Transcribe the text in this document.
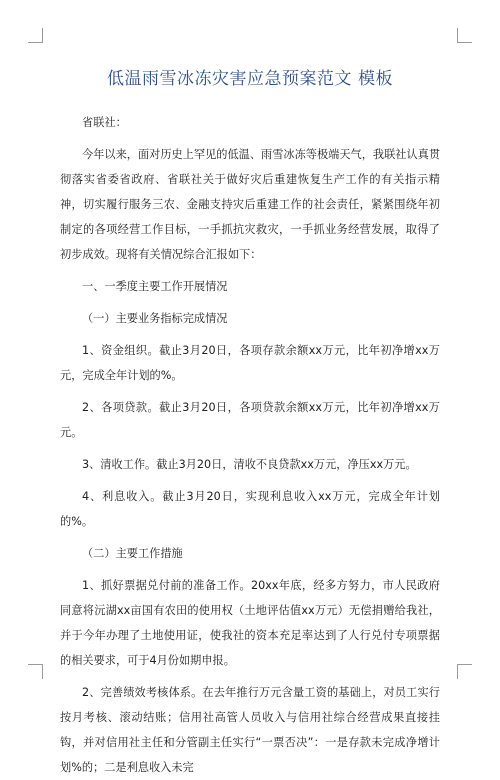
低温雨雪冰冻灾害应急预案范文 模板

省联社：

今年以来，面对历史上罕见的低温、雨雪冰冻等极端天气，我联社认真贯彻落实省委省政府、省联社关于做好灾后重建恢复生产工作的有关指示精神，切实履行服务三农、金融支持灾后重建工作的社会责任，紧紧围绕年初制定的各项经营工作目标，一手抓抗灾救灾，一手抓业务经营发展，取得了初步成效。现将有关情况综合汇报如下：

一、一季度主要工作开展情况

（一）主要业务指标完成情况

1、资金组织。截止3月20日，各项存款余额xx万元，比年初净增xx万元，完成全年计划的%。

2、各项贷款。截止3月20日，各项贷款余额xx万元，比年初净增xx万元。

3、清收工作。截止3月20日，清收不良贷款xx万元，净压xx万元。

4、利息收入。截止3月20日，实现利息收入xx万元，完成全年计划的%。

（二）主要工作措施

1、抓好票据兑付前的准备工作。20xx年底，经多方努力，市人民政府同意将沅湖xx亩国有农田的使用权（土地评估值xx万元）无偿捐赠给我社，并于今年办理了土地使用证，使我社的资本充足率达到了人行兑付专项票据的相关要求，可于4月份如期申报。

2、完善绩效考核体系。在去年推行万元含量工资的基础上，对员工实行按月考核、滚动结账；信用社高管人员收入与信用社综合经营成果直接挂钩，并对信用社主任和分管副主任实行“一票否决”：一是存款未完成净增计划%的；二是利息收入未完
